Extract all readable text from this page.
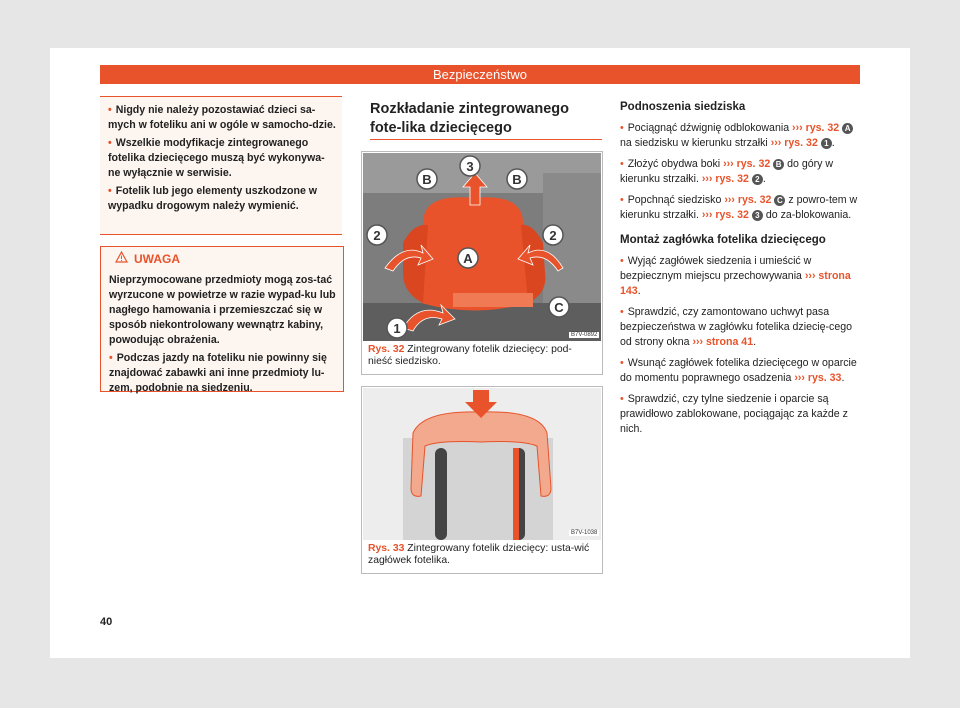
Bezpieczeństwo
• Nigdy nie należy pozostawiać dzieci sa-mych w foteliku ani w ogóle w samocho-dzie.
• Wszelkie modyfikacje zintegrowanego fotelika dziecięcego muszą być wykonywa-ne wyłącznie w serwisie.
• Fotelik lub jego elementy uszkodzone w wypadku drogowym należy wymienić.
UWAGA

Nieprzymocowane przedmioty mogą zos-tać wyrzucone w powietrze w razie wypad-ku lub nagłego hamowania i przemieszczać się w sposób niekontrolowany wewnątrz kabiny, powodując obrażenia.

• Podczas jazdy na foteliku nie powinny się znajdować zabawki ani inne przedmioty lu-zem, podobnie na siedzeniu.
40
Rozkładanie zintegrowanego fote-lika dziecięcego
1
2	2
3
A
B	B
C
B7V-0892
Rys. 32 Zintegrowany fotelik dziecięcy: pod-nieść siedzisko.
B7V-1038
Rys. 33 Zintegrowany fotelik dziecięcy: usta-wić zagłówek fotelika.
Podnoszenia siedziska

• Pociągnąć dźwignię odblokowania ››› rys. 32 A na siedzisku w kierunku strzałki ››› rys. 32 1 .

• Złożyć obydwa boki ››› rys. 32 B do góry w kierunku strzałki. ››› rys. 32 2 .

• Popchnąć siedzisko ››› rys. 32 C z powro-tem w kierunku strzałki. ››› rys. 32 3 do za-blokowania.

Montaż zagłówka fotelika dziecięcego

• Wyjąć zagłówek siedzenia i umieścić w bezpiecznym miejscu przechowywania ››› strona 143.

• Sprawdzić, czy zamontowano uchwyt pasa bezpieczeństwa w zagłówku fotelika dziecię-cego od strony okna ››› strona 41.

• Wsunąć zagłówek fotelika dziecięcego w oparcie do momentu poprawnego osadzenia ››› rys. 33.

• Sprawdzić, czy tylne siedzenie i oparcie są prawidłowo zablokowane, pociągając za każde z nich.
